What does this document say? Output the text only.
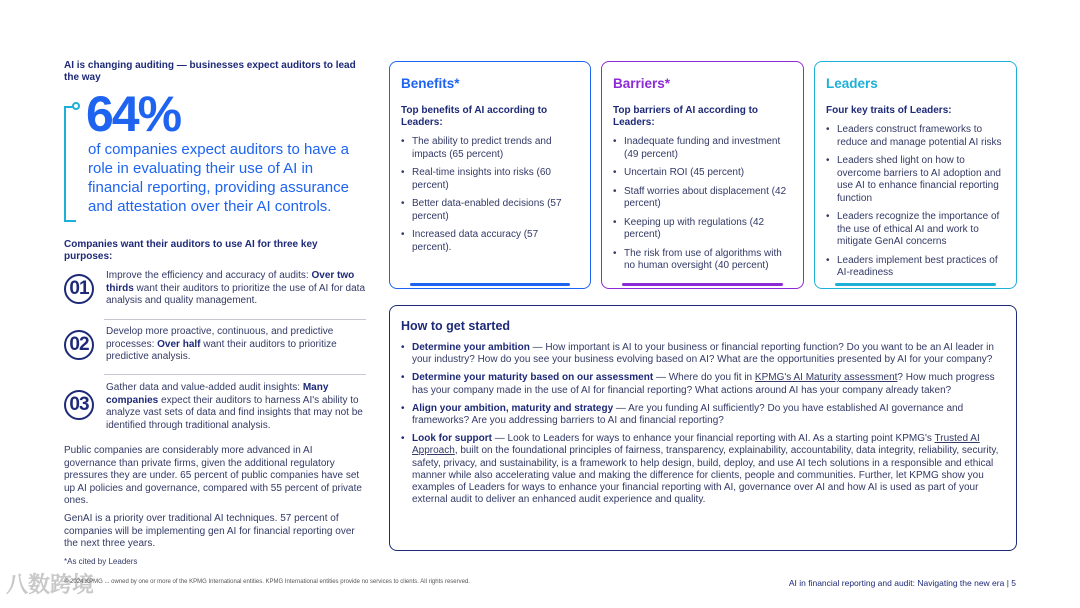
AI is changing auditing — businesses expect auditors to lead the way
64%
of companies expect auditors to have a role in evaluating their use of AI in financial reporting, providing assurance and attestation over their AI controls.
Companies want their auditors to use AI for three key purposes:
01
Improve the efficiency and accuracy of audits: Over two thirds want their auditors to prioritize the use of AI for data analysis and quality management.
02
Develop more proactive, continuous, and predictive processes: Over half want their auditors to prioritize predictive analysis.
03
Gather data and value-added audit insights: Many companies expect their auditors to harness AI's ability to analyze vast sets of data and find insights that may not be identified through traditional analysis.
Public companies are considerably more advanced in AI governance than private firms, given the additional regulatory pressures they are under. 65 percent of public companies have set up AI policies and governance, compared with 55 percent of private ones.
GenAI is a priority over traditional AI techniques. 57 percent of companies will be implementing gen AI for financial reporting over the next three years.
*As cited by Leaders
Benefits*
Top benefits of AI according to Leaders:
• The ability to predict trends and impacts (65 percent)
• Real-time insights into risks (60 percent)
• Better data-enabled decisions (57 percent)
• Increased data accuracy (57 percent).
Barriers*
Top barriers of AI according to Leaders:
• Inadequate funding and investment (49 percent)
• Uncertain ROI (45 percent)
• Staff worries about displacement (42 percent)
• Keeping up with regulations (42 percent)
• The risk from use of algorithms with no human oversight (40 percent)
Leaders
Four key traits of Leaders:
• Leaders construct frameworks to reduce and manage potential AI risks
• Leaders shed light on how to overcome barriers to AI adoption and use AI to enhance financial reporting function
• Leaders recognize the importance of the use of ethical AI and work to mitigate GenAI concerns
• Leaders implement best practices of AI-readiness
How to get started
• Determine your ambition — How important is AI to your business or financial reporting function? Do you want to be an AI leader in your industry? How do you see your business evolving based on AI? What are the opportunities presented by AI for your company?
• Determine your maturity based on our assessment — Where do you fit in KPMG's AI Maturity assessment? How much progress has your company made in the use of AI for financial reporting? What actions around AI has your company already taken?
• Align your ambition, maturity and strategy — Are you funding AI sufficiently? Do you have established AI governance and frameworks? Are you addressing barriers to AI and financial reporting?
• Look for support — Look to Leaders for ways to enhance your financial reporting with AI. As a starting point KPMG's Trusted AI Approach, built on the foundational principles of fairness, transparency, explainability, accountability, data integrity, reliability, security, safety, privacy, and sustainability, is a framework to help design, build, deploy, and use AI tech solutions in a responsible and ethical manner while also accelerating value and making the difference for clients, people and communities. Further, let KPMG show you examples of Leaders for ways to enhance your financial reporting with AI, governance over AI and how AI is used as part of your external audit to deliver an enhanced audit experience and quality.
八数跨境
© 2024 KPMG ... owned by one or more of the KPMG International entities. KPMG International entities provide no services to clients. All rights reserved.	AI in financial reporting and audit: Navigating the new era | 5
